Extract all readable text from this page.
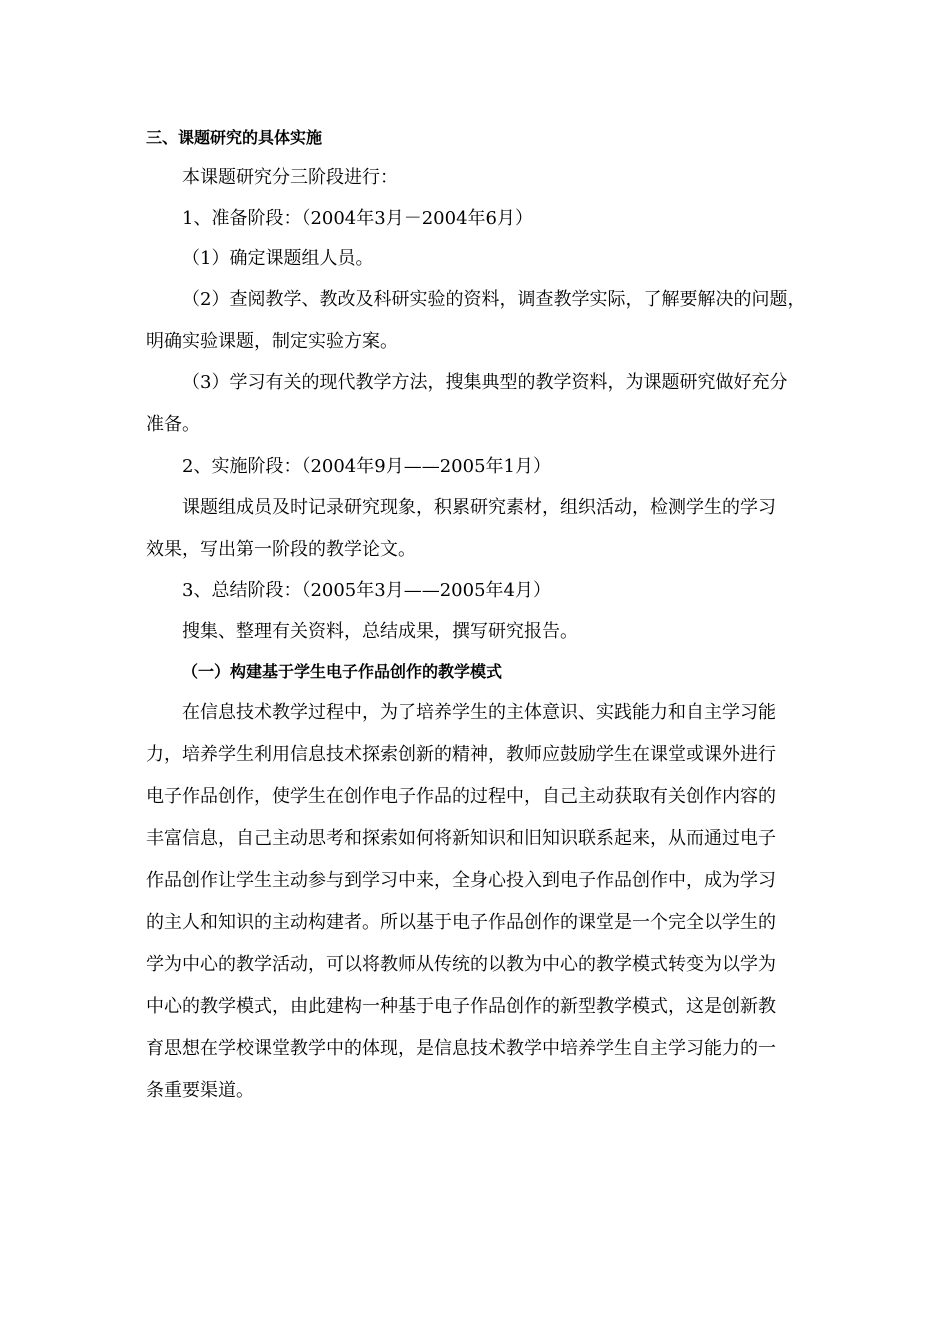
三、课题研究的具体实施

本课题研究分三阶段进行：

1、准备阶段：（2004年3月－2004年6月）

（1）确定课题组人员。

（2）查阅教学、教改及科研实验的资料，调查教学实际，了解要解决的问题，

明确实验课题，制定实验方案。

（3）学习有关的现代教学方法，搜集典型的教学资料，为课题研究做好充分

准备。

2、实施阶段：（2004年9月——2005年1月）

课题组成员及时记录研究现象，积累研究素材，组织活动，检测学生的学习

效果，写出第一阶段的教学论文。

3、总结阶段：（2005年3月——2005年4月）

搜集、整理有关资料，总结成果，撰写研究报告。

（一）构建基于学生电子作品创作的教学模式

在信息技术教学过程中，为了培养学生的主体意识、实践能力和自主学习能

力，培养学生利用信息技术探索创新的精神，教师应鼓励学生在课堂或课外进行

电子作品创作，使学生在创作电子作品的过程中，自己主动获取有关创作内容的

丰富信息，自己主动思考和探索如何将新知识和旧知识联系起来，从而通过电子

作品创作让学生主动参与到学习中来，全身心投入到电子作品创作中，成为学习

的主人和知识的主动构建者。所以基于电子作品创作的课堂是一个完全以学生的

学为中心的教学活动，可以将教师从传统的以教为中心的教学模式转变为以学为

中心的教学模式，由此建构一种基于电子作品创作的新型教学模式，这是创新教

育思想在学校课堂教学中的体现，是信息技术教学中培养学生自主学习能力的一

条重要渠道。
